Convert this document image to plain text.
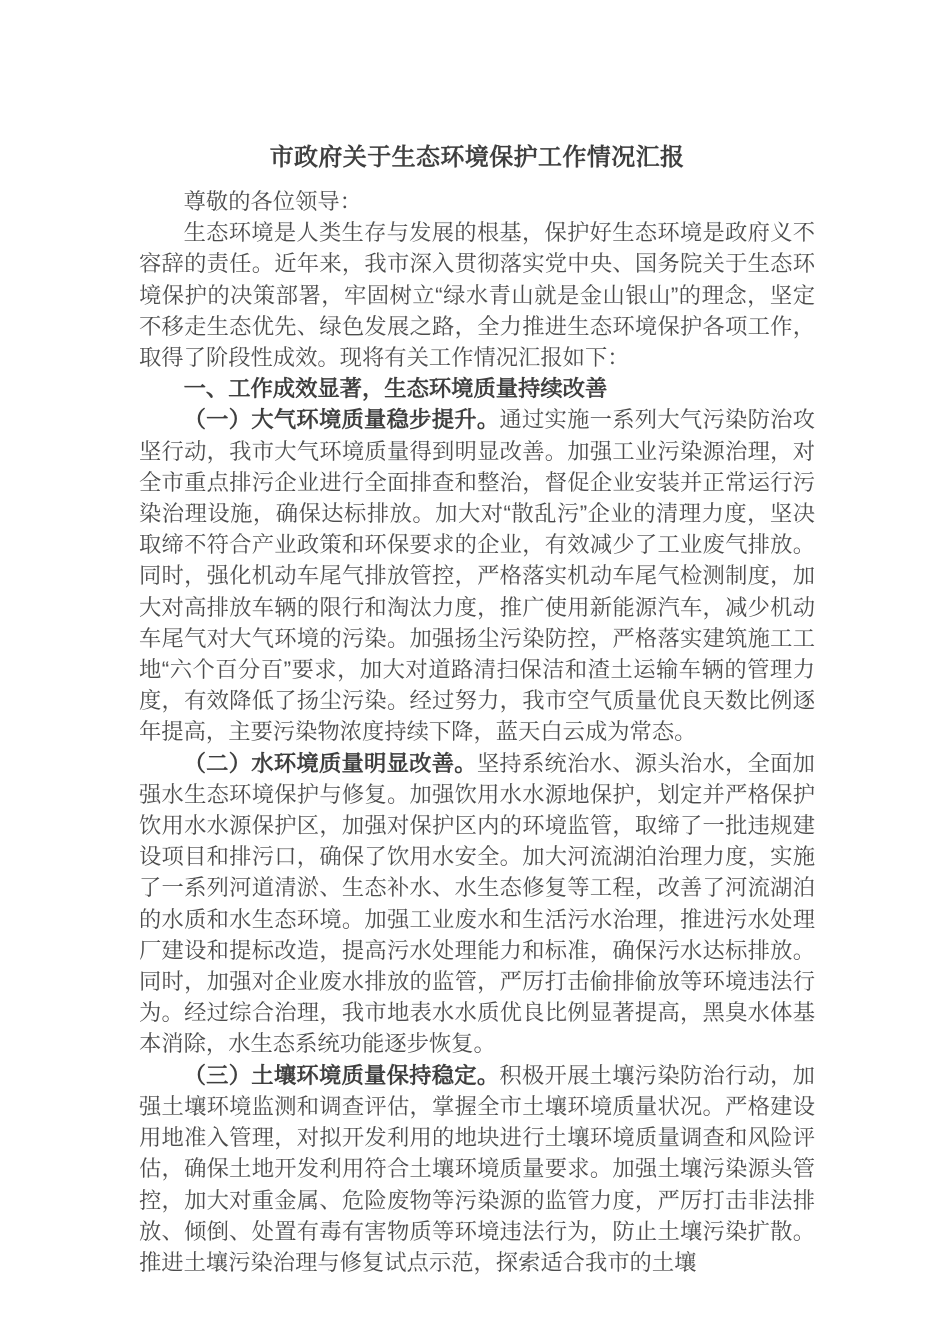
市政府关于生态环境保护工作情况汇报

尊敬的各位领导：

生态环境是人类生存与发展的根基，保护好生态环境是政府义不容辞的责任。近年来，我市深入贯彻落实党中央、国务院关于生态环境保护的决策部署，牢固树立“绿水青山就是金山银山”的理念，坚定不移走生态优先、绿色发展之路，全力推进生态环境保护各项工作，取得了阶段性成效。现将有关工作情况汇报如下：

一、工作成效显著，生态环境质量持续改善

（一）大气环境质量稳步提升。通过实施一系列大气污染防治攻坚行动，我市大气环境质量得到明显改善。加强工业污染源治理，对全市重点排污企业进行全面排查和整治，督促企业安装并正常运行污染治理设施，确保达标排放。加大对“散乱污”企业的清理力度，坚决取缔不符合产业政策和环保要求的企业，有效减少了工业废气排放。同时，强化机动车尾气排放管控，严格落实机动车尾气检测制度，加大对高排放车辆的限行和淘汰力度，推广使用新能源汽车，减少机动车尾气对大气环境的污染。加强扬尘污染防控，严格落实建筑施工工地“六个百分百”要求，加大对道路清扫保洁和渣土运输车辆的管理力度，有效降低了扬尘污染。经过努力，我市空气质量优良天数比例逐年提高，主要污染物浓度持续下降，蓝天白云成为常态。

（二）水环境质量明显改善。坚持系统治水、源头治水，全面加强水生态环境保护与修复。加强饮用水水源地保护，划定并严格保护饮用水水源保护区，加强对保护区内的环境监管，取缔了一批违规建设项目和排污口，确保了饮用水安全。加大河流湖泊治理力度，实施了一系列河道清淤、生态补水、水生态修复等工程，改善了河流湖泊的水质和水生态环境。加强工业废水和生活污水治理，推进污水处理厂建设和提标改造，提高污水处理能力和标准，确保污水达标排放。同时，加强对企业废水排放的监管，严厉打击偷排偷放等环境违法行为。经过综合治理，我市地表水水质优良比例显著提高，黑臭水体基本消除，水生态系统功能逐步恢复。

（三）土壤环境质量保持稳定。积极开展土壤污染防治行动，加强土壤环境监测和调查评估，掌握全市土壤环境质量状况。严格建设用地准入管理，对拟开发利用的地块进行土壤环境质量调查和风险评估，确保土地开发利用符合土壤环境质量要求。加强土壤污染源头管控，加大对重金属、危险废物等污染源的监管力度，严厉打击非法排放、倾倒、处置有毒有害物质等环境违法行为，防止土壤污染扩散。推进土壤污染治理与修复试点示范，探索适合我市的土壤
